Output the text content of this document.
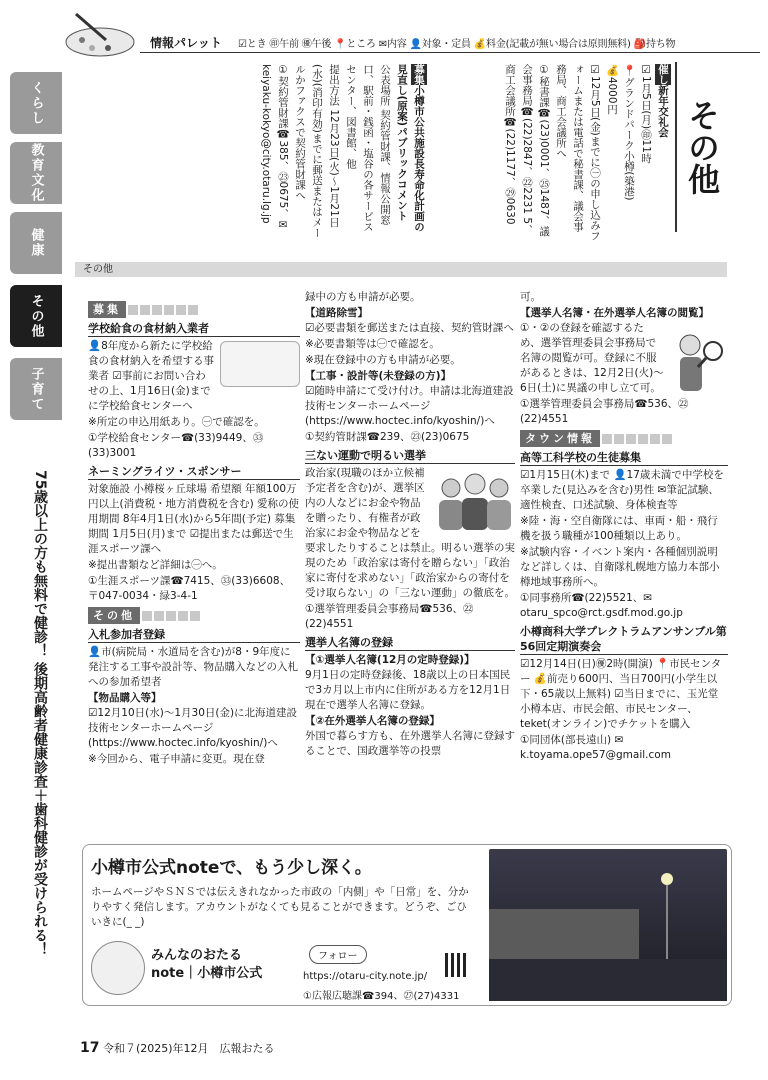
情報パレット ☑とき ㊞午前 ㊝午後 📍ところ ✉内容 👤対象・定員 💰料金(記載が無い場合は原則無料) 🎒持ち物
くらし
教育文化
健康
その他
子育て
75歳以上の方も無料で健診！ 後期高齢者健康診査＋歯科健診が受けられる！
その他
催し新年交礼会
☑1月5日(月)㊞11時
📍グランドパーク小樽(築港)
💰4000円
☑12月5日(金)までに㊀の申し込みフォームまたは電話で秘書課、議会事務局、商工会議所へ
①秘書課☎(23)0001、㉕1487、議会事務局☎(22)2847、㉒2231 5、商工会議所☎(22)1177、㉙0630
募集小樽市公共施設長寿命化計画の見直し(原案)パブリックコメント
公表場所 契約管財課、情報公開窓口、駅前・銭函・塩谷の各サービスセンター、図書館、他
提出方法 12月23日(火)〜1月21日(水)(消印有効)までに郵送またはメールかファクスで契約管財課へ
①契約管財課☎385、㉓0675、✉keiyaku-kokyo@city.otaru.lg.jp
その他
募集
学校給食の食材納入業者

👤8年度から新たに学校給食の食材納入を希望する事業者 ☑事前にお問い合わせの上、1月16日(金)までに学校給食センターへ

※所定の申込用紙あり。㊀で確認を。

①学校給食センター☎(33)9449、㉝(33)3001

ネーミングライツ・スポンサー

対象施設 小樽桜ヶ丘球場 希望額 年額100万円以上(消費税・地方消費税を含む) 愛称の使用期間 8年4月1日(水)から5年間(予定) 募集期間 1月5日(月)まで ☑提出または郵送で生涯スポーツ課へ

※提出書類など詳細は㊀へ。

①生涯スポーツ課☎7415、㉝(33)6608、〒047-0034・緑3-4-1

その他
入札参加者登録

👤市(病院局・水道局を含む)が8・9年度に発注する工事や設計等、物品購入などの入札への参加希望者

【物品購入等】

☑12月10日(水)〜1月30日(金)に北海道建設技術センターホームページ(https://www.hoctec.info/kyoshin/)へ

※今回から、電子申請に変更。現在登

録中の方も申請が必要。

【道路除雪】

☑必要書類を郵送または直接、契約管財課へ

※必要書類等は㊀で確認を。

※現在登録中の方も申請が必要。

【工事・設計等(未登録の方)】

☑随時申請にて受け付け。申請は北海道建設技術センターホームページ(https://www.hoctec.info/kyoshin/)へ

①契約管財課☎239、㉓(23)0675

三ない運動で明るい選挙

政治家(現職のほか立候補予定者を含む)が、選挙区内の人などにお金や物品を贈ったり、有権者が政治家にお金や物品などを要求したりすることは禁止。明るい選挙の実現のため「政治家は寄付を贈らない」「政治家に寄付を求めない」「政治家からの寄付を受け取らない」の「三ない運動」の徹底を。

①選挙管理委員会事務局☎536、㉒(22)4551

選挙人名簿の登録
【①選挙人名簿(12月の定時登録)】

9月1日の定時登録後、18歳以上の日本国民で3カ月以上市内に住所がある方を12月1日現在で選挙人名簿に登録。

【②在外選挙人名簿の登録】

外国で暮らす方も、在外選挙人名簿に登録することで、国政選挙等の投票

可。

【選挙人名簿・在外選挙人名簿の閲覧】

①・②の登録を確認するため、選挙管理委員会事務局で名簿の閲覧が可。登録に不服があるときは、12月2日(火)〜6日(土)に異議の申し立て可。

①選挙管理委員会事務局☎536、㉒(22)4551

タウン情報
高等工科学校の生徒募集

☑1月15日(木)まで 👤17歳未満で中学校を卒業した(見込みを含む)男性 ✉筆記試験、適性検査、口述試験、身体検査等

※陸・海・空自衛隊には、車両・船・飛行機を扱う職種が100種類以上あり。

※試験内容・イベント案内・各種個別説明など詳しくは、自衛隊札幌地方協力本部小樽地域事務所へ。

①同事務所☎(22)5521、✉otaru_spco@rct.gsdf.mod.go.jp

小樽商科大学プレクトラムアンサンブル第56回定期演奏会

☑12月14日(日)㊝2時(開演) 📍市民センター 💰前売り600円、当日700円(小学生以下・65歳以上無料) ☑当日までに、玉光堂小樽本店、市民会館、市民センター、teket(オンライン)でチケットを購入

①同団体(部長遠山) ✉k.toyama.ope57@gmail.com

小樽市公式noteで、もう少し深く。
ホームページやＳＮＳでは伝えきれなかった市政の「内側」や「日常」を、分かりやすく発信します。アカウントがなくても見ることができます。どうぞ、ごひいきに(_ _)
みんなのおたる
note｜小樽市公式
フォロー
https://otaru-city.note.jp/
①広報広聴課☎394、㉗(27)4331
17 令和７(2025)年12月　広報おたる
